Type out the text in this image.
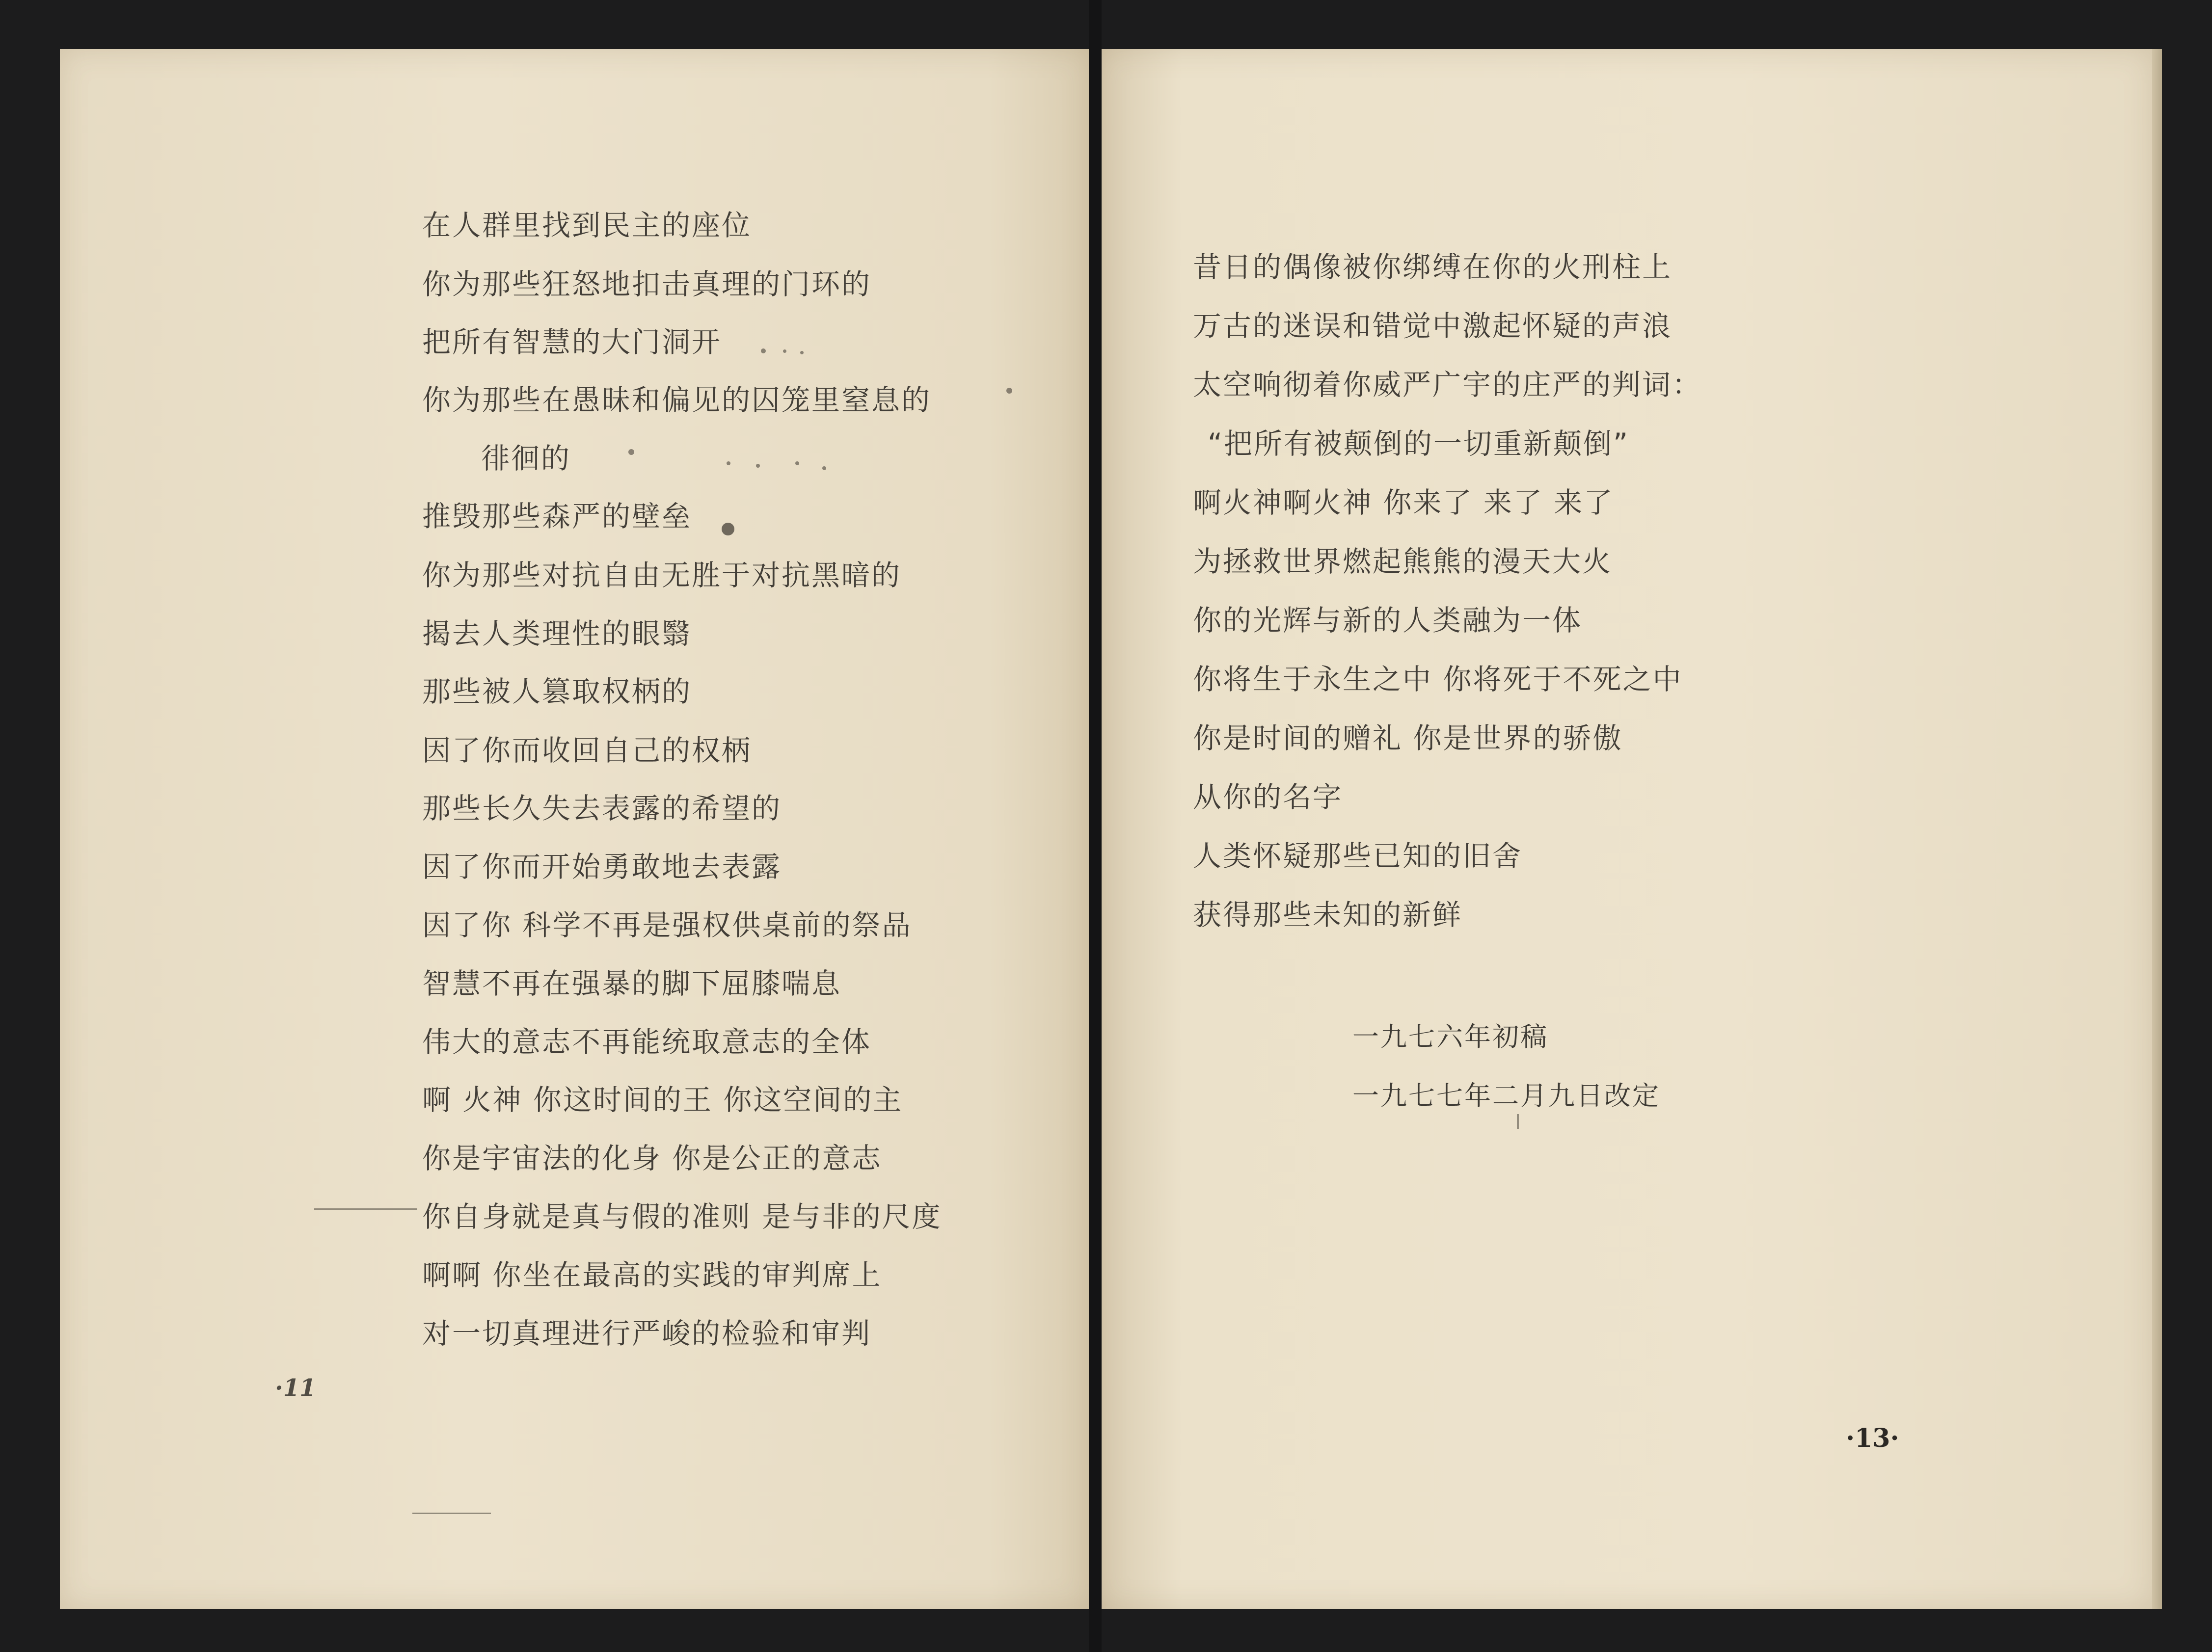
在人群里找到民主的座位
你为那些狂怒地扣击真理的门环的
把所有智慧的大门洞开
你为那些在愚昧和偏见的囚笼里窒息的
徘徊的
推毁那些森严的壁垒
你为那些对抗自由无胜于对抗黑暗的
揭去人类理性的眼翳
那些被人篡取权柄的
因了你而收回自己的权柄
那些长久失去表露的希望的
因了你而开始勇敢地去表露
因了你 科学不再是强权供桌前的祭品
智慧不再在强暴的脚下屈膝喘息
伟大的意志不再能统取意志的全体
啊 火神 你这时间的王 你这空间的主
你是宇宙法的化身 你是公正的意志
你自身就是真与假的准则 是与非的尺度
啊啊 你坐在最高的实践的审判席上
对一切真理进行严峻的检验和审判
·11
昔日的偶像被你绑缚在你的火刑柱上
万古的迷误和错觉中激起怀疑的声浪
太空响彻着你威严广宇的庄严的判词：
“把所有被颠倒的一切重新颠倒”
啊火神啊火神 你来了 来了 来了
为拯救世界燃起熊熊的漫天大火
你的光辉与新的人类融为一体
你将生于永生之中 你将死于不死之中
你是时间的赠礼 你是世界的骄傲
从你的名字
人类怀疑那些已知的旧舍
获得那些未知的新鲜
一九七六年初稿
一九七七年二月九日改定
·13·
